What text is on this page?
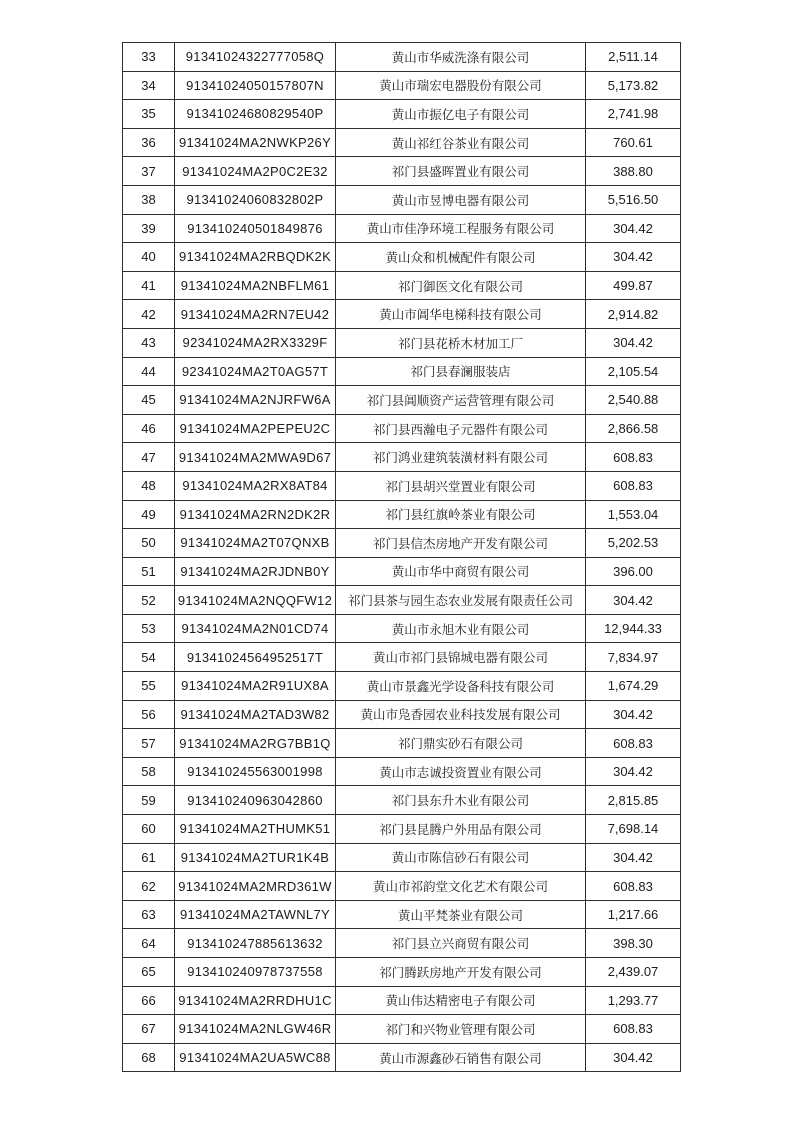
33	91341024322777058Q	黄山市华威洗涤有限公司	2,511.14
34	91341024050157807N	黄山市瑞宏电器股份有限公司	5,173.82
35	91341024680829540P	黄山市振亿电子有限公司	2,741.98
36	91341024MA2NWKP26Y	黄山祁红谷茶业有限公司	760.61
37	91341024MA2P0C2E32	祁门县盛晖置业有限公司	388.80
38	91341024060832802P	黄山市昱博电器有限公司	5,516.50
39	913410240501849876	黄山市佳净环境工程服务有限公司	304.42
40	91341024MA2RBQDK2K	黄山众和机械配件有限公司	304.42
41	91341024MA2NBFLM61	祁门御医文化有限公司	499.87
42	91341024MA2RN7EU42	黄山市阊华电梯科技有限公司	2,914.82
43	92341024MA2RX3329F	祁门县花桥木材加工厂	304.42
44	92341024MA2T0AG57T	祁门县春澜服装店	2,105.54
45	91341024MA2NJRFW6A	祁门县阊顺资产运营管理有限公司	2,540.88
46	91341024MA2PEPEU2C	祁门县西瀚电子元器件有限公司	2,866.58
47	91341024MA2MWA9D67	祁门鸿业建筑装潢材料有限公司	608.83
48	91341024MA2RX8AT84	祁门县胡兴堂置业有限公司	608.83
49	91341024MA2RN2DK2R	祁门县红旗岭茶业有限公司	1,553.04
50	91341024MA2T07QNXB	祁门县信杰房地产开发有限公司	5,202.53
51	91341024MA2RJDNB0Y	黄山市华中商贸有限公司	396.00
52	91341024MA2NQQFW12	祁门县茶与园生态农业发展有限责任公司	304.42
53	91341024MA2N01CD74	黄山市永旭木业有限公司	12,944.33
54	91341024564952517T	黄山市祁门县锦城电器有限公司	7,834.97
55	91341024MA2R91UX8A	黄山市景鑫光学设备科技有限公司	1,674.29
56	91341024MA2TAD3W82	黄山市凫香园农业科技发展有限公司	304.42
57	91341024MA2RG7BB1Q	祁门鼎实砂石有限公司	608.83
58	913410245563001998	黄山市志诚投资置业有限公司	304.42
59	913410240963042860	祁门县东升木业有限公司	2,815.85
60	91341024MA2THUMK51	祁门县昆腾户外用品有限公司	7,698.14
61	91341024MA2TUR1K4B	黄山市陈信砂石有限公司	304.42
62	91341024MA2MRD361W	黄山市祁韵堂文化艺术有限公司	608.83
63	91341024MA2TAWNL7Y	黄山平梵茶业有限公司	1,217.66
64	913410247885613632	祁门县立兴商贸有限公司	398.30
65	913410240978737558	祁门腾跃房地产开发有限公司	2,439.07
66	91341024MA2RRDHU1C	黄山伟达精密电子有限公司	1,293.77
67	91341024MA2NLGW46R	祁门和兴物业管理有限公司	608.83
68	91341024MA2UA5WC88	黄山市源鑫砂石销售有限公司	304.42
